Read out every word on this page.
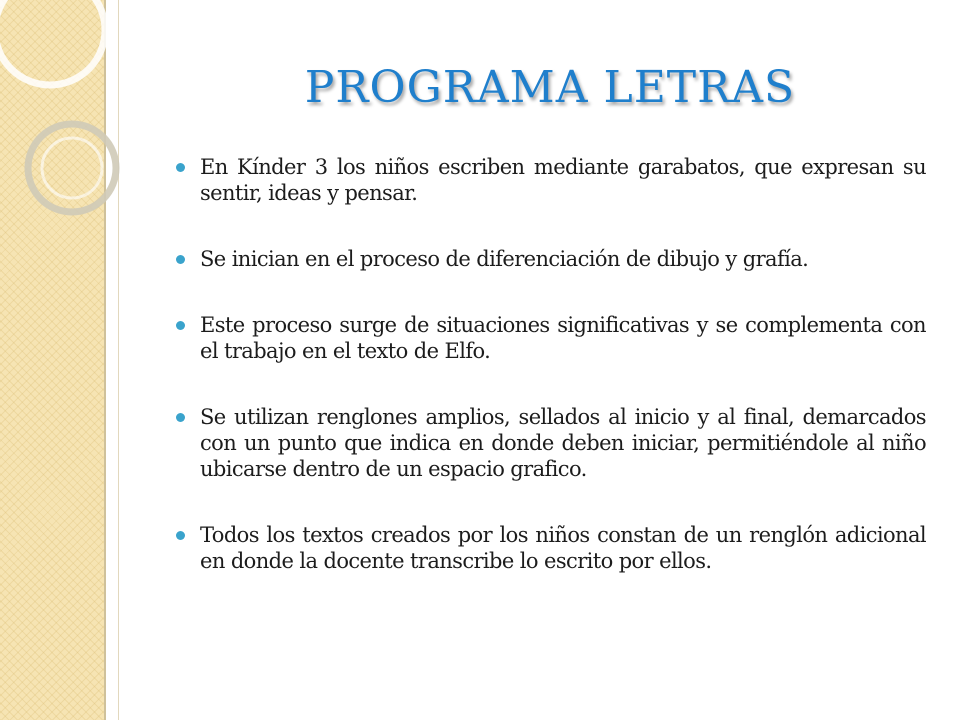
PROGRAMA LETRAS
En Kínder 3 los niños escriben mediante garabatos, que expresan su sentir, ideas y pensar.
Se inician en el proceso de diferenciación de dibujo y grafía.
Este proceso surge de situaciones significativas y se complementa con el trabajo en el texto de Elfo.
Se utilizan renglones amplios, sellados al inicio y al final, demarcados con un punto que indica en donde deben iniciar, permitiéndole al niño ubicarse dentro de un espacio grafico.
Todos los textos creados por los niños constan de un renglón adicional en donde la docente transcribe lo escrito por ellos.
